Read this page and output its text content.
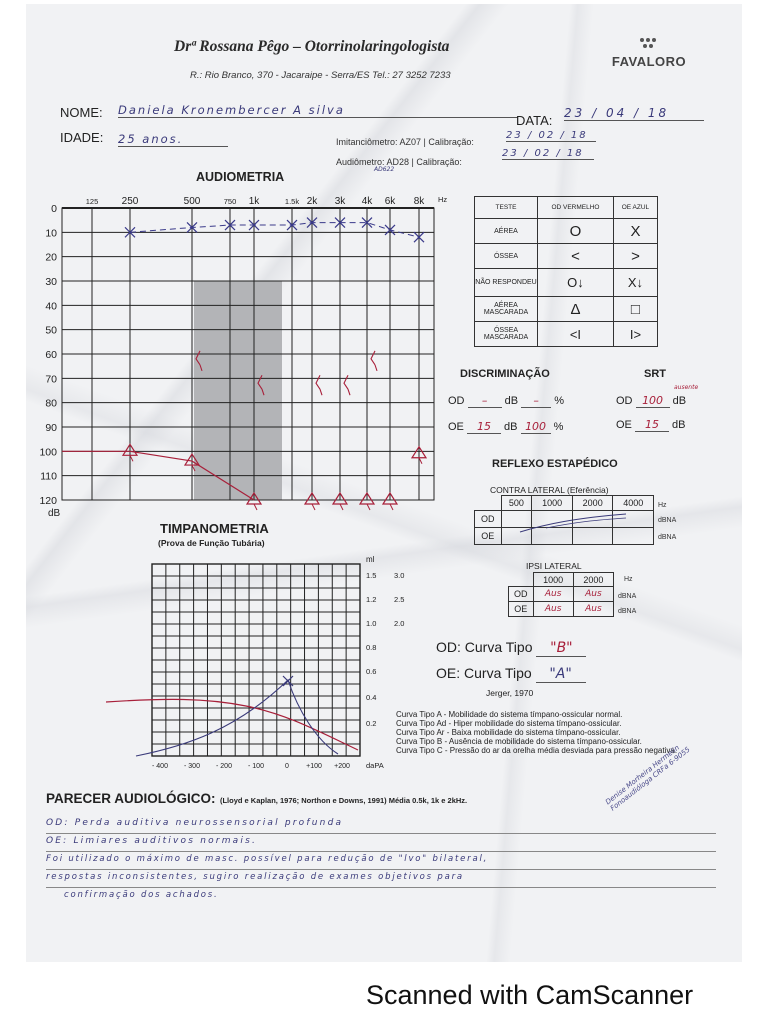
Drª Rossana Pêgo – Otorrinolaringologista
R.: Rio Branco, 370 - Jacaraipe - Serra/ES Tel.: 27 3252 7233
FAVALORO
NOME: Daniela Kronembercer A silva
DATA: 23 / 04 / 18
IDADE: 25 anos.	Imitanciômetro: AZ07 | Calibração:
23 / 02 / 18
Audiômetro: AD28 | Calibração:
23 / 02 / 18
AD622
AUDIOMETRIA
0
10
20
30
40
50
60
70
80
90
100
110
120
dB
125 250	500	750 1k	1.5k 2k 3k 4k 6k 8k Hz
TESTE	OD VERMELHO	OE AZUL
AÉREA	O	X
ÓSSEA	<	>
NÃO RESPONDEU	O↓	X↓
AÉREA MASCARADA	Δ	□
ÓSSEA MASCARADA	<I	I>
DISCRIMINAÇÃO	SRT
OD – dB – %
OE 15 dB 100 %
OD 100 dB
ausente
OE 15 dB
REFLEXO ESTAPÉDICO
CONTRA LATERAL (Eferência)
	500	1000	2000	4000
OD				
OE				
Hz
dBNA
dBNA
IPSI LATERAL
	1000	2000
OD	Aus	Aus
OE	Aus	Aus
Hz
dBNA
dBNA
TIMPANOMETRIA
(Prova de Função Tubária)
ml
1.5
1.2
1.0
0.8
0.6
0.4
0.2
3.0
2.5
2.0
- 400 - 300 - 200 - 100	0 +100 +200 daPA
OD: Curva Tipo "B"
OE: Curva Tipo "A"
Jerger, 1970
Curva Tipo A - Mobilidade do sistema tímpano-ossicular normal.
Curva Tipo Ad - Hiper mobilidade do sistema tímpano-ossicular.
Curva Tipo Ar - Baixa mobilidade do sistema tímpano-ossicular.
Curva Tipo B - Ausência de mobilidade do sistema tímpano-ossicular.
Curva Tipo C - Pressão do ar da orelha média desviada para pressão negativa.
PARECER AUDIOLÓGICO: (Lloyd e Kaplan, 1976; Northon e Downs, 1991) Média 0.5k, 1k e 2kHz.
OD: Perda auditiva neurossensorial profunda
OE: Limiares auditivos normais.
Foi utilizado o máximo de masc. possível para redução de "lvo" bilateral,
respostas inconsistentes, sugiro realização de exames objetivos para
confirmação dos achados.
Denise Morheira Hermelin Fonoaudióloga CRFa 6-9055
Scanned with CamScanner
